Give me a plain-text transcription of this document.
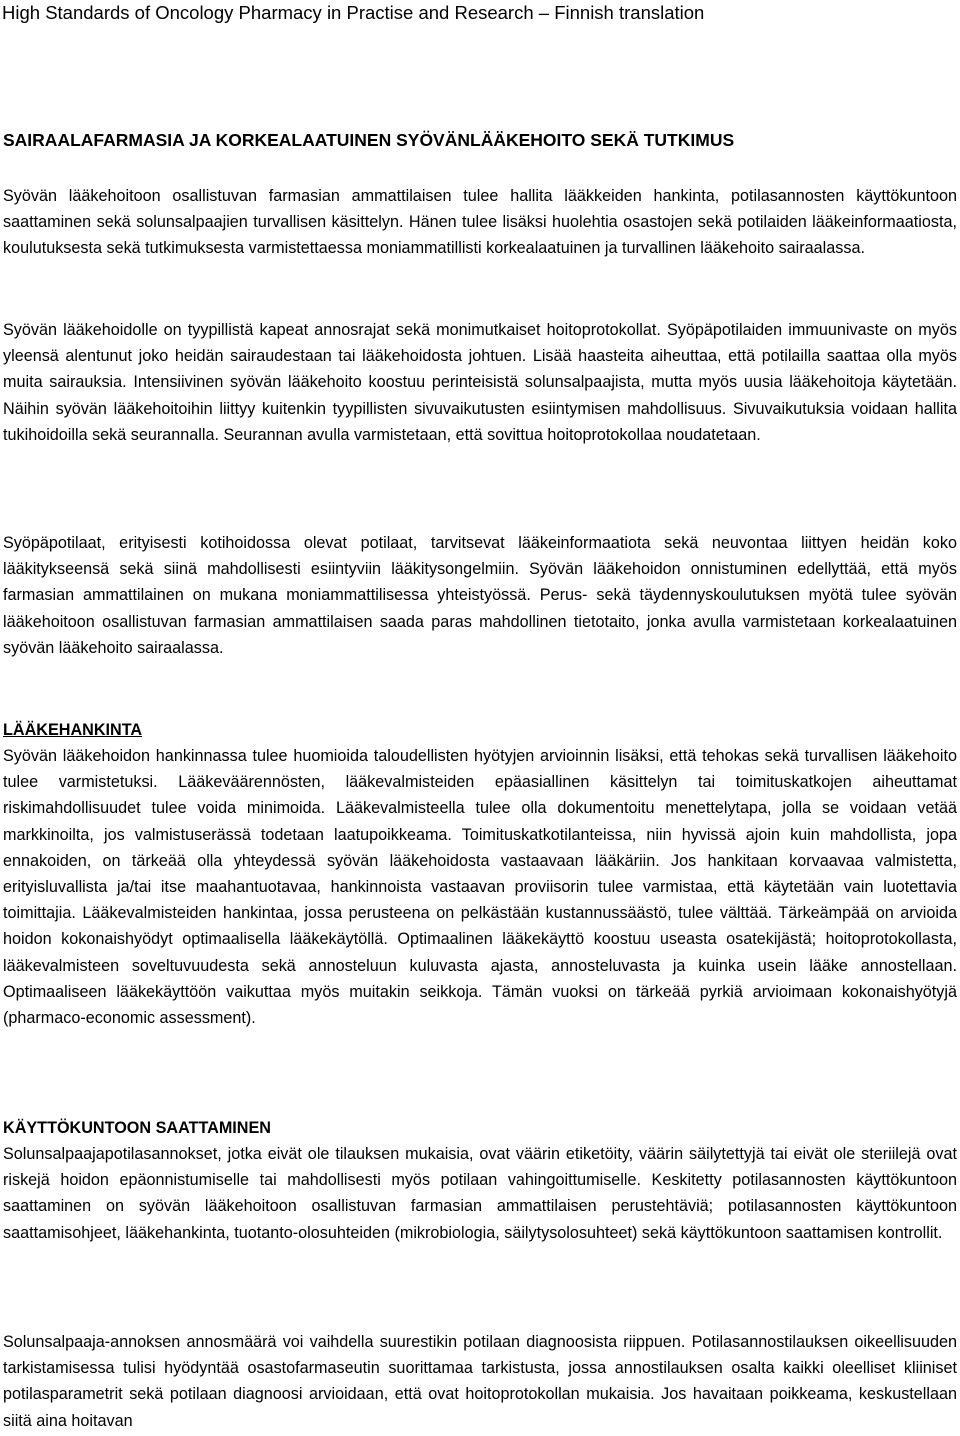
High Standards of Oncology Pharmacy in Practise and Research – Finnish translation
SAIRAALAFARMASIA JA KORKEALAATUINEN SYÖVÄNLÄÄKEHOITO SEKÄ TUTKIMUS

Syövän lääkehoitoon osallistuvan farmasian ammattilaisen tulee hallita lääkkeiden hankinta, potilasannosten käyttökuntoon saattaminen sekä solunsalpaajien turvallisen käsittelyn. Hänen tulee lisäksi huolehtia osastojen sekä potilaiden lääkeinformaatiosta, koulutuksesta sekä tutkimuksesta varmistettaessa moniammatillisti korkealaatuinen ja turvallinen lääkehoito sairaalassa.

Syövän lääkehoidolle on tyypillistä kapeat annosrajat sekä monimutkaiset hoitoprotokollat. Syöpäpotilaiden immuunivaste on myös yleensä alentunut joko heidän sairaudestaan tai lääkehoidosta johtuen. Lisää haasteita aiheuttaa, että potilailla saattaa olla myös muita sairauksia. Intensiivinen syövän lääkehoito koostuu perinteisistä solunsalpaajista, mutta myös uusia lääkehoitoja käytetään. Näihin syövän lääkehoitoihin liittyy kuitenkin tyypillisten sivuvaikutusten esiintymisen mahdollisuus. Sivuvaikutuksia voidaan hallita tukihoidoilla sekä seurannalla. Seurannan avulla varmistetaan, että sovittua hoitoprotokollaa noudatetaan.

Syöpäpotilaat, erityisesti kotihoidossa olevat potilaat, tarvitsevat lääkeinformaatiota sekä neuvontaa liittyen heidän koko lääkitykseensä sekä siinä mahdollisesti esiintyviin lääkitysongelmiin. Syövän lääkehoidon onnistuminen edellyttää, että myös farmasian ammattilainen on mukana moniammattilisessa yhteistyössä. Perus- sekä täydennyskoulutuksen myötä tulee syövän lääkehoitoon osallistuvan farmasian ammattilaisen saada paras mahdollinen tietotaito, jonka avulla varmistetaan korkealaatuinen syövän lääkehoito sairaalassa.

LÄÄKEHANKINTA

Syövän lääkehoidon hankinnassa tulee huomioida taloudellisten hyötyjen arvioinnin lisäksi, että tehokas sekä turvallisen lääkehoito tulee varmistetuksi. Lääkeväärennösten, lääkevalmisteiden epäasiallinen käsittelyn tai toimituskatkojen aiheuttamat riskimahdollisuudet tulee voida minimoida. Lääkevalmisteella tulee olla dokumentoitu menettelytapa, jolla se voidaan vetää markkinoilta, jos valmistuserässä todetaan laatupoikkeama. Toimituskatkotilanteissa, niin hyvissä ajoin kuin mahdollista, jopa ennakoiden, on tärkeää olla yhteydessä syövän lääkehoidosta vastaavaan lääkäriin. Jos hankitaan korvaavaa valmistetta, erityisluvallista ja/tai itse maahantuotavaa, hankinnoista vastaavan proviisorin tulee varmistaa, että käytetään vain luotettavia toimittajia. Lääkevalmisteiden hankintaa, jossa perusteena on pelkästään kustannussäästö, tulee välttää. Tärkeämpää on arvioida hoidon kokonaishyödyt optimaalisella lääkekäytöllä. Optimaalinen lääkekäyttö koostuu useasta osatekijästä; hoitoprotokollasta, lääkevalmisteen soveltuvuudesta sekä annosteluun kuluvasta ajasta, annosteluvasta ja kuinka usein lääke annostellaan. Optimaaliseen lääkekäyttöön vaikuttaa myös muitakin seikkoja. Tämän vuoksi on tärkeää pyrkiä arvioimaan kokonaishyötyjä (pharmaco-economic assessment).

KÄYTTÖKUNTOON SAATTAMINEN

Solunsalpaajapotilasannokset, jotka eivät ole tilauksen mukaisia, ovat väärin etiketöity, väärin säilytettyjä tai eivät ole steriilejä ovat riskejä hoidon epäonnistumiselle tai mahdollisesti myös potilaan vahingoittumiselle. Keskitetty potilasannosten käyttökuntoon saattaminen on syövän lääkehoitoon osallistuvan farmasian ammattilaisen perustehtäviä; potilasannosten käyttökuntoon saattamisohjeet, lääkehankinta, tuotanto-olosuhteiden (mikrobiologia, säilytysolosuhteet) sekä käyttökuntoon saattamisen kontrollit.

Solunsalpaaja-annoksen annosmäärä voi vaihdella suurestikin potilaan diagnoosista riippuen. Potilasannostilauksen oikeellisuuden tarkistamisessa tulisi hyödyntää osastofarmaseutin suorittamaa tarkistusta, jossa annostilauksen osalta kaikki oleelliset kliiniset potilasparametrit sekä potilaan diagnoosi arvioidaan, että ovat hoitoprotokollan mukaisia. Jos havaitaan poikkeama, keskustellaan siitä aina hoitavan
